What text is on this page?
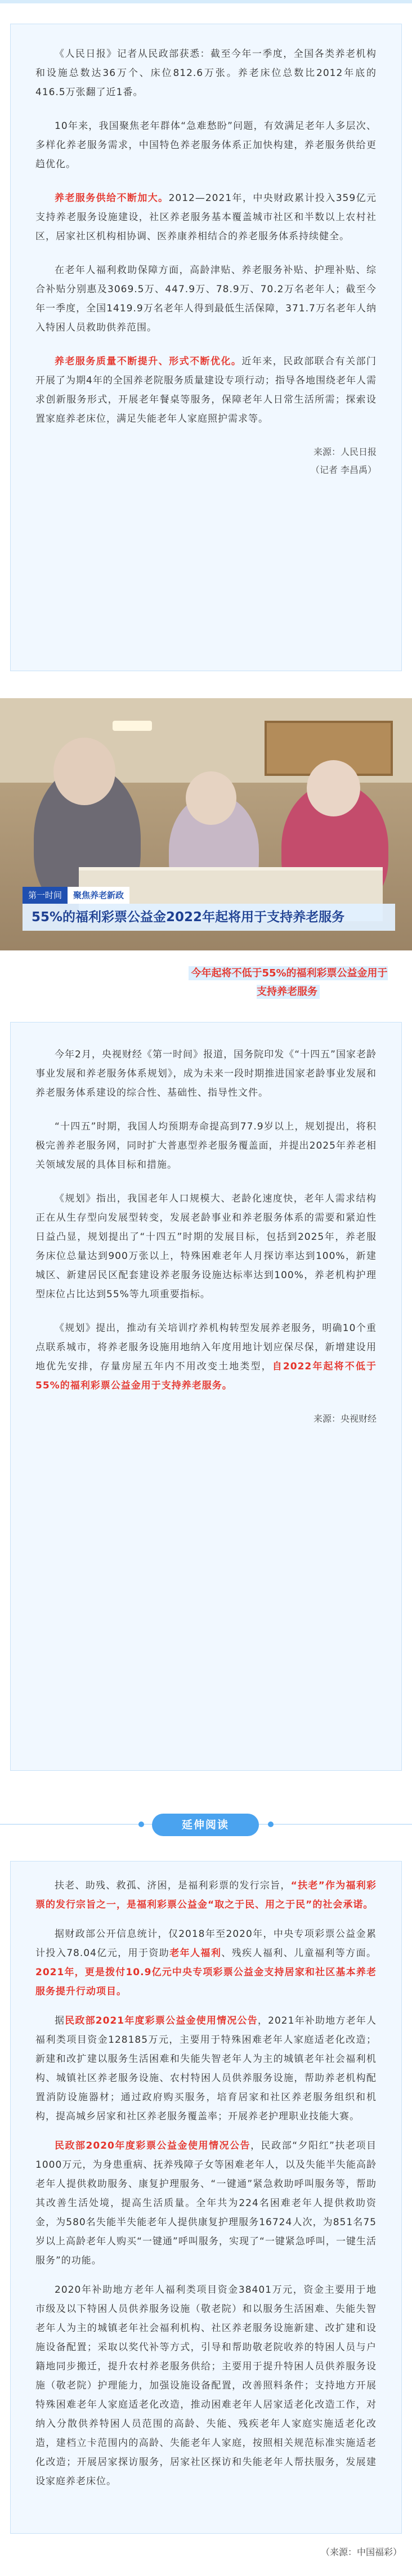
《人民日报》记者从民政部获悉：截至今年一季度，全国各类养老机构和设施总数达36万个、床位812.6万张。养老床位总数比2012年底的416.5万张翻了近1番。

10年来，我国聚焦老年群体“急难愁盼”问题，有效满足老年人多层次、多样化养老服务需求，中国特色养老服务体系正加快构建，养老服务供给更趋优化。

养老服务供给不断加大。2012—2021年，中央财政累计投入359亿元支持养老服务设施建设，社区养老服务基本覆盖城市社区和半数以上农村社区，居家社区机构相协调、医养康养相结合的养老服务体系持续健全。

在老年人福利救助保障方面，高龄津贴、养老服务补贴、护理补贴、综合补贴分别惠及3069.5万、447.9万、78.9万、70.2万名老年人；截至今年一季度，全国1419.9万名老年人得到最低生活保障，371.7万名老年人纳入特困人员救助供养范围。

养老服务质量不断提升、形式不断优化。近年来，民政部联合有关部门开展了为期4年的全国养老院服务质量建设专项行动；指导各地围绕老年人需求创新服务形式，开展老年餐桌等服务，保障老年人日常生活所需；探索设置家庭养老床位，满足失能老年人家庭照护需求等。

来源：人民日报

（记者 李昌禹）

第一时间	聚焦养老新政
55%的福利彩票公益金2022年起将用于支持养老服务
今年起将不低于55%的福利彩票公益金用于支持养老服务

今年2月，央视财经《第一时间》报道，国务院印发《“十四五”国家老龄事业发展和养老服务体系规划》，成为未来一段时期推进国家老龄事业发展和养老服务体系建设的综合性、基础性、指导性文件。

“十四五”时期，我国人均预期寿命提高到77.9岁以上，规划提出，将积极完善养老服务网，同时扩大普惠型养老服务覆盖面，并提出2025年养老相关领域发展的具体目标和措施。

《规划》指出，我国老年人口规模大、老龄化速度快，老年人需求结构正在从生存型向发展型转变，发展老龄事业和养老服务体系的需要和紧迫性日益凸显，规划提出了“十四五”时期的发展目标，包括到2025年，养老服务床位总量达到900万张以上，特殊困难老年人月探访率达到100%，新建城区、新建居民区配套建设养老服务设施达标率达到100%，养老机构护理型床位占比达到55%等九项重要指标。

《规划》提出，推动有关培训疗养机构转型发展养老服务，明确10个重点联系城市，将养老服务设施用地纳入年度用地计划应保尽保，新增建设用地优先安排，存量房屋五年内不用改变土地类型，自2022年起将不低于55%的福利彩票公益金用于支持养老服务。

来源：央视财经

延伸阅读

扶老、助残、救孤、济困，是福利彩票的发行宗旨，“扶老”作为福利彩票的发行宗旨之一，是福利彩票公益金“取之于民、用之于民”的社会承诺。

据财政部公开信息统计，仅2018年至2020年，中央专项彩票公益金累计投入78.04亿元，用于资助老年人福利、残疾人福利、儿童福利等方面。2021年，更是拨付10.9亿元中央专项彩票公益金支持居家和社区基本养老服务提升行动项目。

据民政部2021年度彩票公益金使用情况公告，2021年补助地方老年人福利类项目资金128185万元，主要用于特殊困难老年人家庭适老化改造；新建和改扩建以服务生活困难和失能失智老年人为主的城镇老年社会福利机构、城镇社区养老服务设施、农村特困人员供养服务设施，帮助养老机构配置消防设施器材；通过政府购买服务，培育居家和社区养老服务组织和机构，提高城乡居家和社区养老服务覆盖率；开展养老护理职业技能大赛。

民政部2020年度彩票公益金使用情况公告，民政部“夕阳红”扶老项目1000万元，为身患重病、抚养残障子女等困难老年人，以及失能半失能高龄老年人提供救助服务、康复护理服务、“一键通”紧急救助呼叫服务等，帮助其改善生活处境，提高生活质量。全年共为224名困难老年人提供救助资金，为580名失能半失能老年人提供康复护理服务16724人次，为851名75岁以上高龄老年人购买“一键通”呼叫服务，实现了“一键紧急呼叫，一键生活服务”的功能。

2020年补助地方老年人福利类项目资金38401万元，资金主要用于地市级及以下特困人员供养服务设施（敬老院）和以服务生活困难、失能失智老年人为主的城镇老年社会福利机构、社区养老服务设施新建、改扩建和设施设备配置；采取以奖代补等方式，引导和帮助敬老院收养的特困人员与户籍地同步搬迁，提升农村养老服务供给；主要用于提升特困人员供养服务设施（敬老院）护理能力，加强设施设备配置，改善照料条件；支持地方开展特殊困难老年人家庭适老化改造，推动困难老年人居家适老化改造工作，对纳入分散供养特困人员范围的高龄、失能、残疾老年人家庭实施适老化改造，建档立卡范围内的高龄、失能老年人家庭，按照相关规范标准实施适老化改造；开展居家探访服务，居家社区探访和失能老年人帮扶服务，发展建设家庭养老床位。

（来源：中国福彩）
